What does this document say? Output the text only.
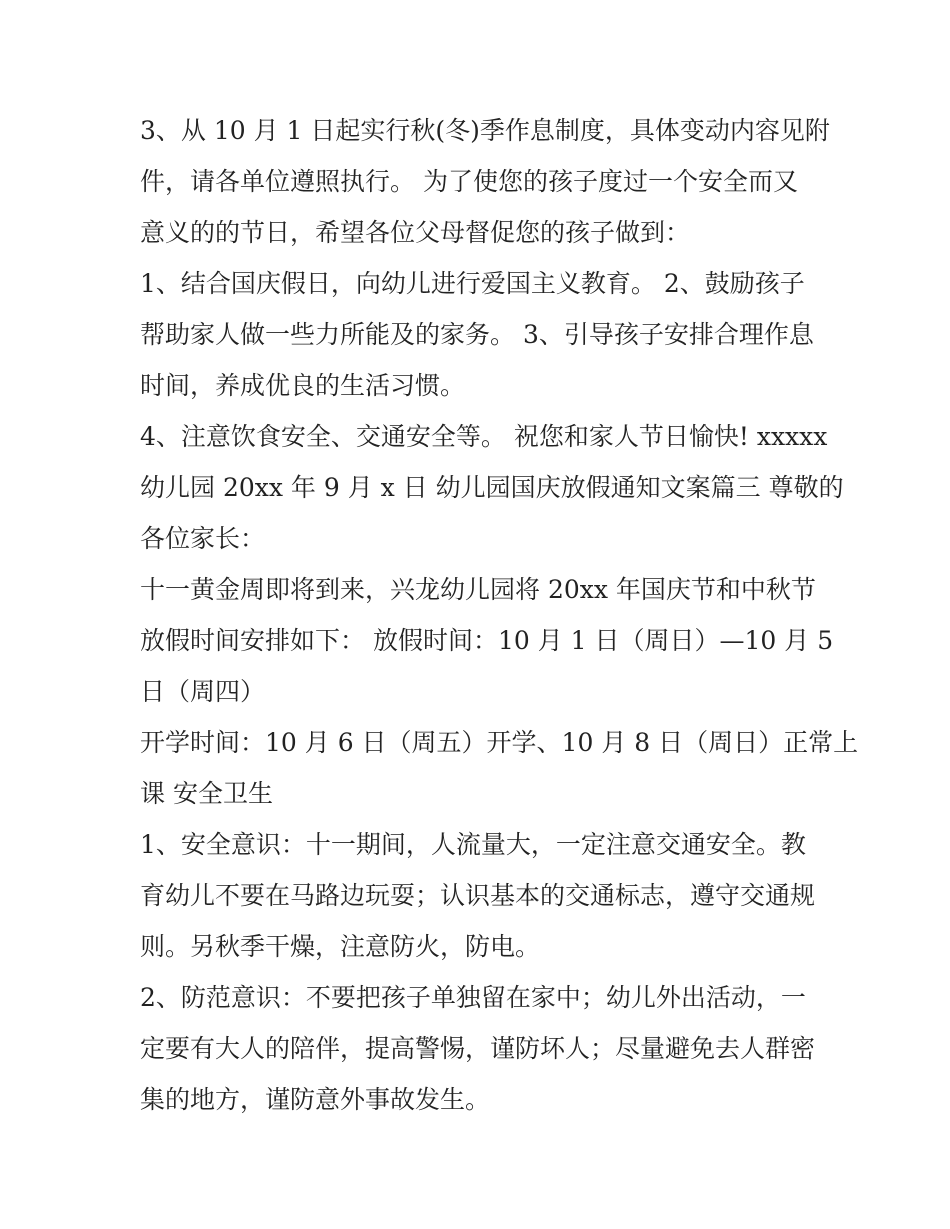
3、从 10 月 1 日起实行秋(冬)季作息制度，具体变动内容见附
件，请各单位遵照执行。 为了使您的孩子度过一个安全而又
意义的的节日，希望各位父母督促您的孩子做到：
1、结合国庆假日，向幼儿进行爱国主义教育。 2、鼓励孩子
帮助家人做一些力所能及的家务。 3、引导孩子安排合理作息
时间，养成优良的生活习惯。
4、注意饮食安全、交通安全等。 祝您和家人节日愉快! xxxxx
幼儿园 20xx 年 9 月 x 日 幼儿园国庆放假通知文案篇三 尊敬的
各位家长：
十一黄金周即将到来，兴龙幼儿园将 20xx 年国庆节和中秋节
放假时间安排如下： 放假时间：10 月 1 日（周日）—10 月 5
日（周四）
开学时间：10 月 6 日（周五）开学、10 月 8 日（周日）正常上
课 安全卫生
1、安全意识：十一期间，人流量大，一定注意交通安全。教
育幼儿不要在马路边玩耍；认识基本的交通标志，遵守交通规
则。另秋季干燥，注意防火，防电。
2、防范意识：不要把孩子单独留在家中；幼儿外出活动，一
定要有大人的陪伴，提高警惕，谨防坏人；尽量避免去人群密
集的地方，谨防意外事故发生。
